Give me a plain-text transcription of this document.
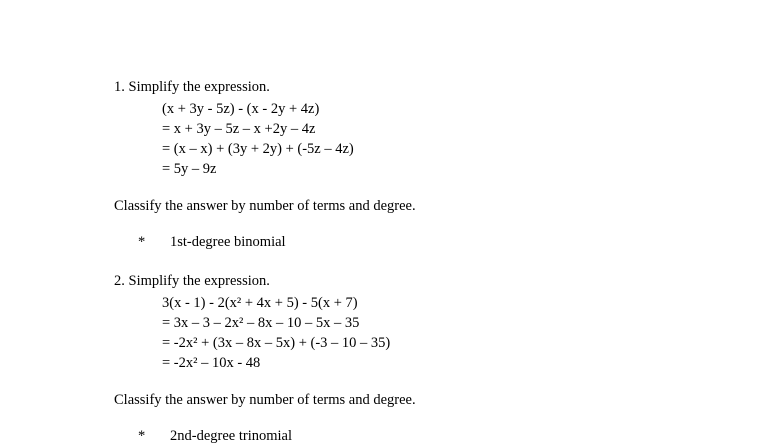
1. Simplify the expression.
(x + 3y - 5z) - (x - 2y + 4z)
= x + 3y – 5z – x +2y – 4z
= (x – x) + (3y + 2y) + (-5z – 4z)
= 5y – 9z
Classify the answer by number of terms and degree.
*	1st-degree binomial
2. Simplify the expression.
3(x - 1) - 2(x² + 4x + 5) - 5(x + 7)
= 3x – 3 – 2x² – 8x – 10 – 5x – 35
= -2x² + (3x – 8x – 5x) + (-3 – 10 – 35)
= -2x² – 10x - 48
Classify the answer by number of terms and degree.
*	2nd-degree trinomial
